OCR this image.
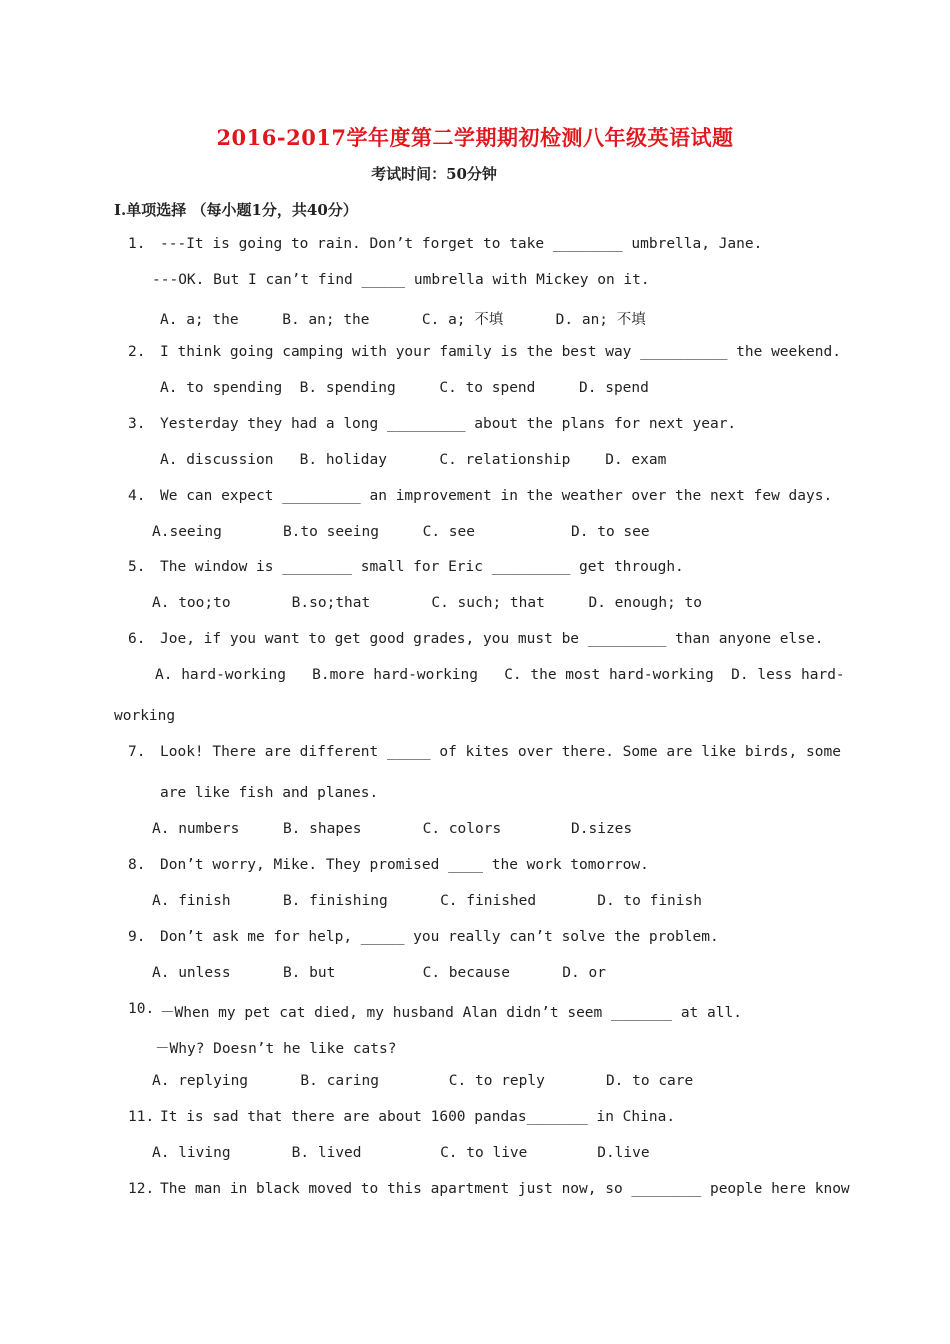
2016-2017学年度第二学期期初检测八年级英语试题
考试时间：50分钟
I.单项选择 （每小题1分，共40分）
1. ---It is going to rain. Don’t forget to take ________ umbrella, Jane.
---OK. But I can’t find _____ umbrella with Mickey on it.
A. a; the     B. an; the      C. a; 不填      D. an; 不填
2. I think going camping with your family is the best way __________ the weekend.
A. to spending  B. spending     C. to spend     D. spend
3. Yesterday they had a long _________ about the plans for next year.
A. discussion   B. holiday      C. relationship    D. exam
4. We can expect _________ an improvement in the weather over the next few days.
A.seeing       B.to seeing     C. see           D. to see
5. The window is ________ small for Eric _________ get through.
A. too;to       B.so;that       C. such; that     D. enough; to
6. Joe, if you want to get good grades, you must be _________ than anyone else.
A. hard-working   B.more hard-working   C. the most hard-working  D. less hard-
working
7. Look! There are different _____ of kites over there. Some are like birds, some
are like fish and planes.
A. numbers     B. shapes       C. colors        D.sizes
8. Don’t worry, Mike. They promised ____ the work tomorrow.
A. finish      B. finishing      C. finished       D. to finish
9. Don’t ask me for help, _____ you really can’t solve the problem.
A. unless      B. but          C. because      D. or
10. －When my pet cat died, my husband Alan didn’t seem _______ at all.
－Why? Doesn’t he like cats?
A. replying      B. caring        C. to reply       D. to care
11. It is sad that there are about 1600 pandas_______ in China.
A. living       B. lived         C. to live        D.live
12. The man in black moved to this apartment just now, so ________ people here know
